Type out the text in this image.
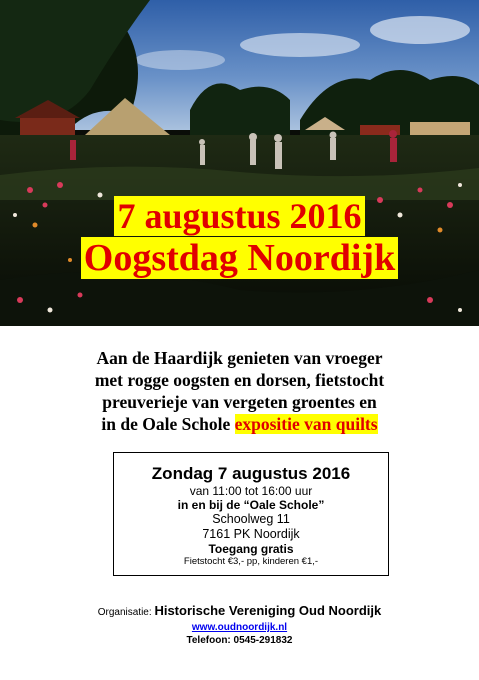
7 augustus 2016
Oogstdag Noordijk
Aan de Haardijk genieten van vroeger
met rogge oogsten en dorsen, fietstocht
preuverieje van vergeten groentes en
in de Oale Schole expositie van quilts
Zondag 7 augustus 2016
van 11:00 tot 16:00 uur
in en bij de “Oale Schole”
Schoolweg 11
7161 PK Noordijk
Toegang gratis
Fietstocht €3,- pp, kinderen €1,-
Organisatie: Historische Vereniging Oud Noordijk
www.oudnoordijk.nl
Telefoon: 0545-291832
